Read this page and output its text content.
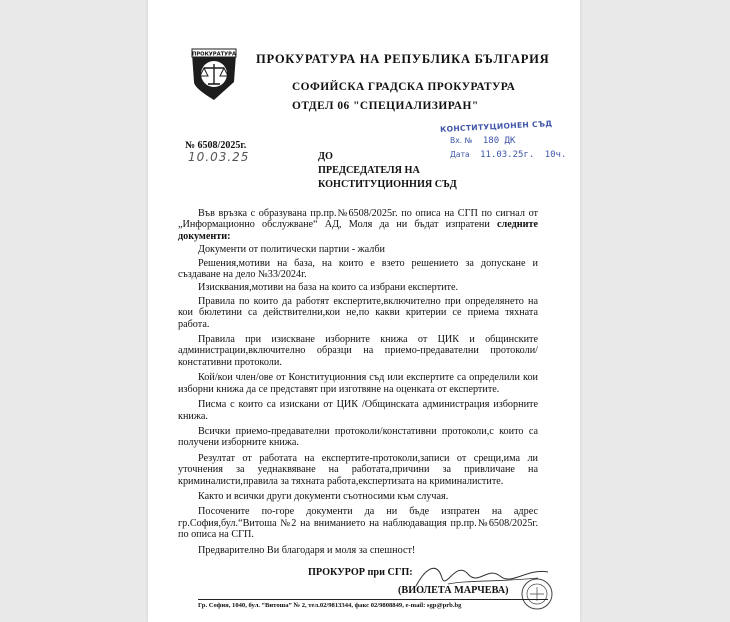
ПРОКУРАТУРА ПРОКУРАТУРА НА РЕПУБЛИКА БЪЛГАРИЯ
СОФИЙСКА ГРАДСКА ПРОКУРАТУРА
ОТДЕЛ 06 "СПЕЦИАЛИЗИРАН"
№ 6508/2025г.
10.03.25
КОНСТИТУЦИОНЕН СЪД
Вх. № 180 ДК
Дата 11.03.25г. 10ч.
ДО
ПРЕДСЕДАТЕЛЯ НА
КОНСТИТУЦИОННИЯ СЪД

Във връзка с образувана пр.пр.№6508/2025г. по описа на СГП по сигнал от „Информационно обслужване“ АД, Моля да ни бъдат изпратени следните документи:

Документи от политически партии - жалби

Решения,мотиви на база, на които е взето решението за допускане и създаване на дело №33/2024г.

Изисквания,мотиви на база на които са избрани експертите.

Правила по които да работят експертите,включително при определянето на кои бюлетини са действителни,кои не,по какви критерии се приема тяхната работа.

Правила при изискване изборните книжа от ЦИК и общинските администрации,включително образци на приемо-предавателни протоколи/констативни протоколи.

Кой/кои член/ове от Конституционния съд или експертите са определили кои изборни книжа да се представят при изготвяне на оценката от експертите.

Писма с които са изискани от ЦИК /Общинската администрация изборните книжа.

Всички приемо-предавателни протоколи/констативни протоколи,с които са получени изборните книжа.

Резултат от работата на експертите-протоколи,записи от срещи,има ли уточнения за уеднаквяване на работата,причини за привличане на криминалисти,правила за тяхната работа,експертизата на криминалистите.

Както и всички други документи съотносими към случая.

Посочените по-горе документи да ни бъде изпратен на адрес гр.София,бул.“Витоша №2 на вниманието на наблюдаващия пр.пр.№6508/2025г. по описа на СГП.

Предварително Ви благодаря и моля за спешност!

ПРОКУРОР при СГП:
(ВИОЛЕТА МАРЧЕВА)
Гр. София, 1040, бул. “Витоша” № 2, тел.02/9813344, факс 02/9808849, e-mail: sgp@prb.bg
